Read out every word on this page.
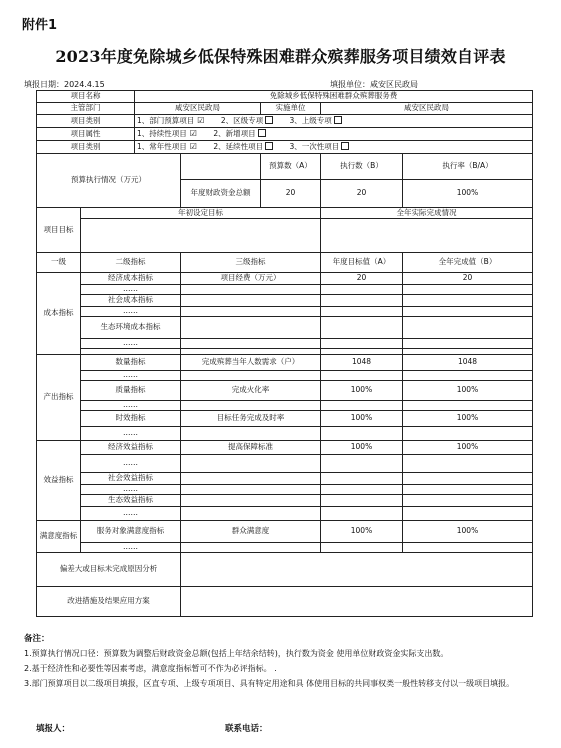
附件1
2023年度免除城乡低保特殊困难群众殡葬服务项目绩效自评表
填报日期：2024.4.15	填报单位：咸安区民政局
项目名称		免除城乡低保特殊困难群众殡葬服务费				
主管部门		咸安区民政局		实施单位	咸安区民政局	
项目类别		1、部门预算项目 ☑ 2、区级专项 3、上级专项				
项目属性		1、持续性项目 ☑ 2、新增项目				
项目类别		1、常年性项目 ☑ 2、延续性项目 3、一次性项目				
预算执行情况（万元）				预算数（A）	执行数（B）	执行率（B/A）
			年度财政资金总额	20	20	100%
项目目标	年初设定目标				全年实际完成情况	

一级	二级指标		三级指标		年度目标值（A）	全年完成值（B）
成本指标	经济成本指标		项目经费（万元）		20	20
	……					
	社会成本指标					
	……					
	生态环境成本指标					
	……					

产出指标	数量指标		完成殡葬当年人数需求（户）		1048	1048
	……					
	质量指标		完成火化率		100%	100%
	……					
	时效指标		目标任务完成及时率		100%	100%
	……					
效益指标	经济效益指标		提高保障标准		100%	100%
	……					
	社会效益指标					
	……					
	生态效益指标					
	……					
满意度指标	服务对象满意度指标		群众满意度		100%	100%
	……					
偏差大或目标未完成原因分析						
改进措施及结果应用方案						

备注：

1.预算执行情况口径：预算数为调整后财政资金总额(包括上年结余结转)，执行数为资金 使用单位财政资金实际支出数。

2.基于经济性和必要性等因素考虑，满意度指标暂可不作为必评指标。 .

3.部门预算项目以二级项目填报，区直专项、上级专项项目、具有特定用途和具 体使用目标的共同事权类一般性转移支付以一级项目填报。

填报人：	联系电话：
